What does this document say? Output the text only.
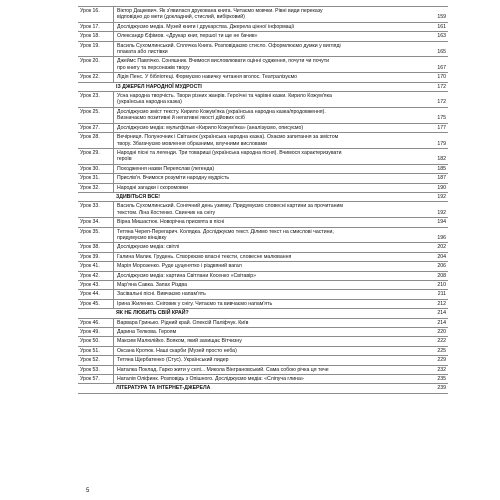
Урок 16.	Віктор Дацкевич. Як з'явилася друкована книга. Читаємо мовчки. Рівні види переказу
відповідно до мети (докладний, стислий, вибірковий)	159
Урок 17.	Досліджуємо медіа. Музей книги і друкарства. Джерела цінної інформації	161
Урок 18.	Олександр Єфімов. «Друкар книг, першої ти ще не бачив»	163
Урок 19.	Василь Сухомлинський. Сплячка Книга. Розповідаємо стисло. Оформлюємо думки у вигляді
плаката або листівки	165
Урок 20.	Джеймс Павлічко. Соняшник. Вчимося висловлювати оцінні судження, почути чи почути
про книгу та персонажів твору	167
Урок 22.	Лідія Пенс. У бібліотеці. Формуємо навичку читання вголос. Театралізуємо	170
ІЗ ДЖЕРЕЛ НАРОДНОЇ МУДРОСТІ	172
Урок 23.	Усна народна творчість. Твори різних жанрів. Героїчні та чарівні казки. Кирило Кожум'яка
(українська народна казка)	172
Урок 25.	Досліджуємо зміст тексту. Кирило Кожум'яка (українська народна казка/продовження).
Визначаємо позитивні й негативні якості дійових осіб	175
Урок 27.	Досліджуємо медіа: мультфільм «Кирило Кожум'яка» (аналізуємо, описуємо)	177
Урок 28.	Вечірниця. Полуночник і Світанок (українська народна казка). Охаємо запитання за змістом
твору. Збагачуємо мовлення образними, влучними висловами	179
Урок 29.	Народні пісні та легенди. Три товариші (українська народна пісня). Вчимося характеризувати
героїв	182
Урок 30.	Походження назви Переяслав (легенда)	185
Урок 31.	Прислів'я. Вчимося розуміти народну мудрість	187
Урок 32.	Народні загадки і скоромовки	190
ЗДИВІТЬСЯ ВСЕ!	192
Урок 33.	Василь Сухомлинський. Сонячний день узимку. Придумуємо словесні картини за прочитаним
текстом. Ліна Костенко. Свинчик на снігу	192
Урок 34.	Вірна Мишастюк. Новорічна присвята в пісні	194
Урок 35.	Тетяна Череп-Перегарич. Колядка. Досліджуємо текст. Ділимо текст на смислові частини,
придумуємо вінцівку	196
Урок 38.	Досліджуємо медіа: світлі	202
Урок 39.	Галина Малик. Грудень. Створюємо власні тексти, словесне малювання	204
Урок 41.	Марія Морозенко. Руде цуценятко і різдвяний вагал	206
Урок 42.	Досліджуємо медіа: картина Світлани Косенко «Світавір»	208
Урок 43.	Мар'яна Савка. Запах Різдва	210
Урок 44.	Засівальні пісні. Вивчаємо напам'ять	211
Урок 45.	Ірина Жиленко. Сніговик у снігу. Читаємо та вивчаємо напам'ять	212
ЯК НЕ ЛЮБИТЬ СВІЙ КРАЙ?	214
Урок 46.	Варвара Гринько. Рідний край. Олексій Паліфчук. Київ	214
Урок 49.	Дарина Телкова. Героям	220
Урок 50.	Максим Малюлійко. Вояком, який захищає Вітчизну	222
Урок 51.	Оксана Кротюк. Наші скарби (Музей просто неба)	225
Урок 52.	Тетяна Щербатенко (Стус). Український лидер	229
Урок 53.	Наталка Поклад. Гарко жити у селі... Микола Вінграновський. Сама собою річка ця тече	232
Урок 57.	Наталія Оліфинк. Розповідь з Опішного. Досліджуємо медіа: «Сліпуча глина»	235
ЛІТЕРАТУРА ТА ІНТЕРНЕТ-ДЖЕРЕЛА	239
5
